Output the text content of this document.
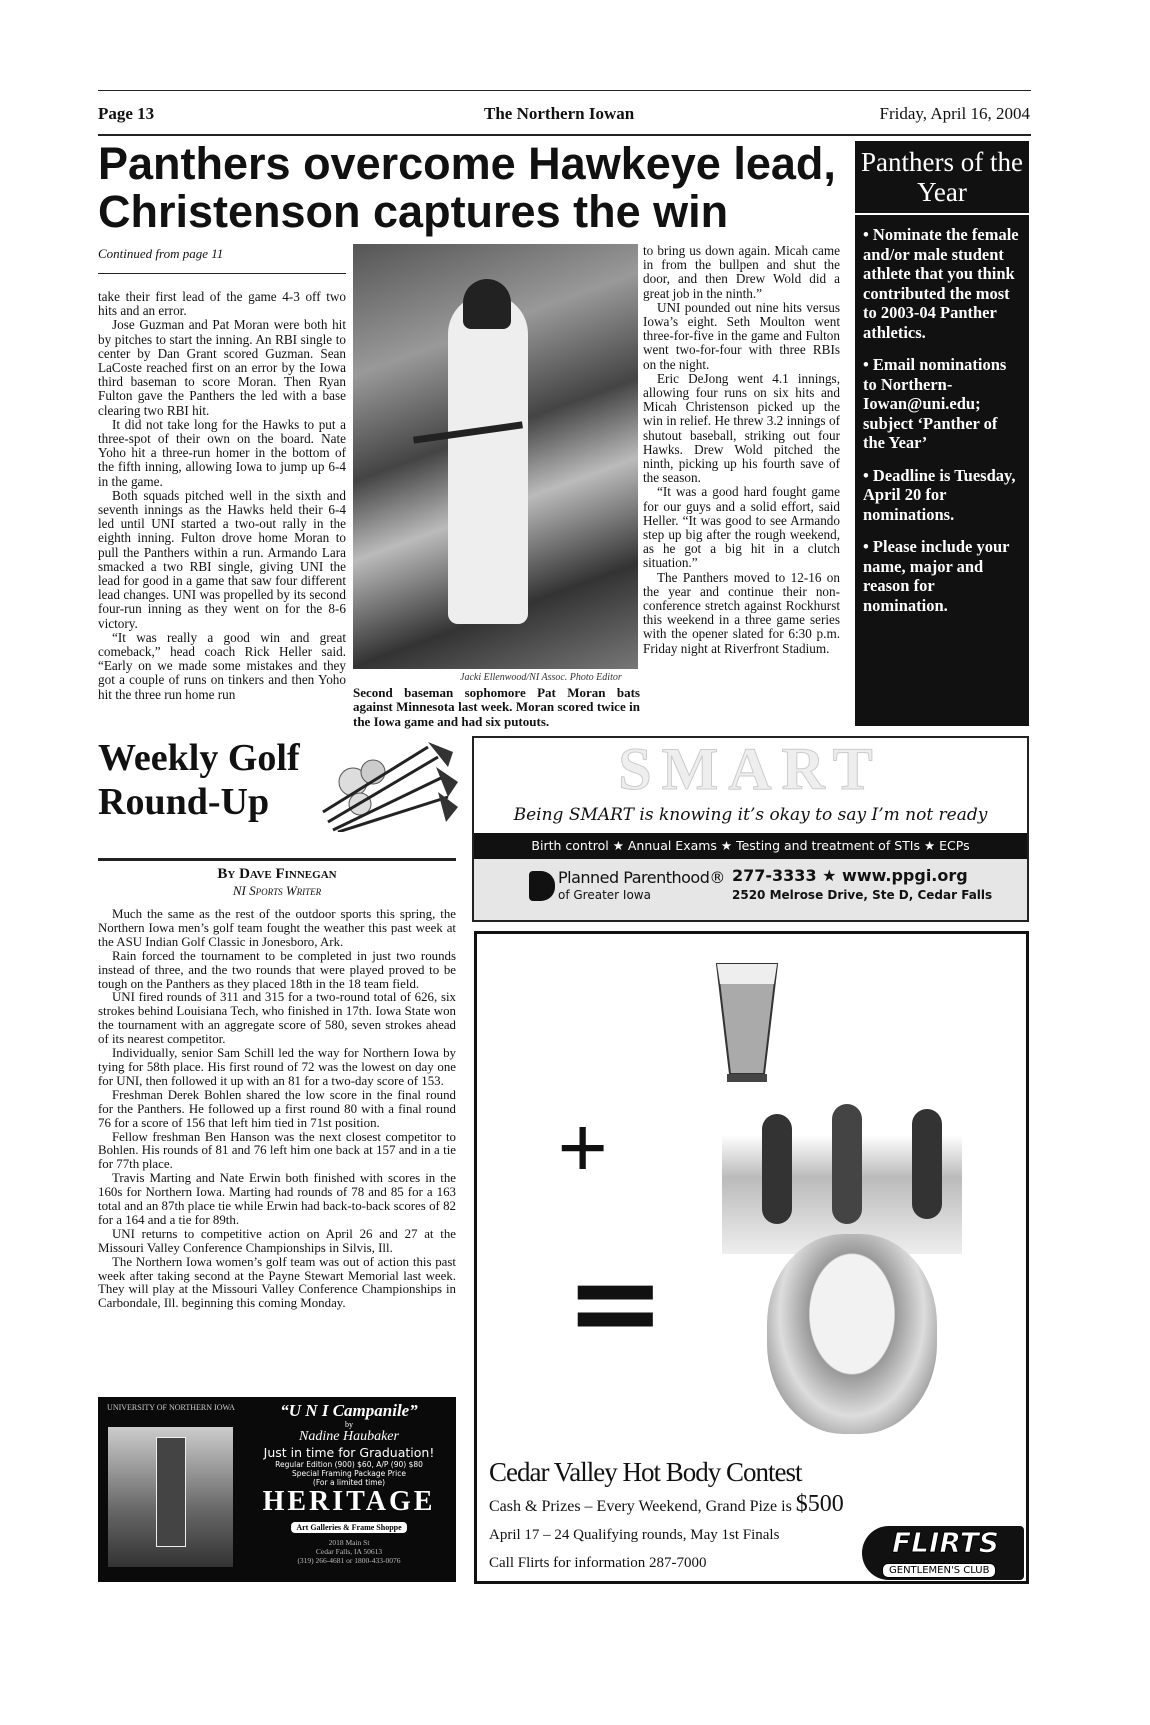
Page 13	The Northern Iowan	Friday, April 16, 2004
Panthers overcome Hawkeye lead,
Christenson captures the win
Continued from page 11

take their first lead of the game 4-3 off two hits and an error.

Jose Guzman and Pat Moran were both hit by pitches to start the inning. An RBI single to center by Dan Grant scored Guzman. Sean LaCoste reached first on an error by the Iowa third baseman to score Moran. Then Ryan Fulton gave the Panthers the led with a base clearing two RBI hit.

It did not take long for the Hawks to put a three-spot of their own on the board. Nate Yoho hit a three-run homer in the bottom of the fifth inning, allowing Iowa to jump up 6-4 in the game.

Both squads pitched well in the sixth and seventh innings as the Hawks held their 6-4 led until UNI started a two-out rally in the eighth inning. Fulton drove home Moran to pull the Panthers within a run. Armando Lara smacked a two RBI single, giving UNI the lead for good in a game that saw four different lead changes. UNI was propelled by its second four-run inning as they went on for the 8-6 victory.

“It was really a good win and great comeback,” head coach Rick Heller said. “Early on we made some mistakes and they got a couple of runs on tinkers and then Yoho hit the three run home run

Jacki Ellenwood/NI Assoc. Photo Editor
Second baseman sophomore Pat Moran bats against Minnesota last week. Moran scored twice in the Iowa game and had six putouts.

to bring us down again. Micah came in from the bullpen and shut the door, and then Drew Wold did a great job in the ninth.”

UNI pounded out nine hits versus Iowa’s eight. Seth Moulton went three-for-five in the game and Fulton went two-for-four with three RBIs on the night.

Eric DeJong went 4.1 innings, allowing four runs on six hits and Micah Christenson picked up the win in relief. He threw 3.2 innings of shutout baseball, striking out four Hawks. Drew Wold pitched the ninth, picking up his fourth save of the season.

“It was a good hard fought game for our guys and a solid effort, said Heller. “It was good to see Armando step up big after the rough weekend, as he got a big hit in a clutch situation.”

The Panthers moved to 12-16 on the year and continue their non-conference stretch against Rockhurst this weekend in a three game series with the opener slated for 6:30 p.m. Friday night at Riverfront Stadium.

Panthers of the Year

• Nominate the female and/or male student athlete that you think contributed the most to 2003-04 Panther athletics.

• Email nominations to Northern-Iowan@uni.edu; subject ‘Panther of the Year’

• Deadline is Tuesday, April 20 for nominations.

• Please include your name, major and reason for nomination.

Weekly Golf
Round-Up
By Dave Finnegan
NI Sports Writer

Much the same as the rest of the outdoor sports this spring, the Northern Iowa men’s golf team fought the weather this past week at the ASU Indian Golf Classic in Jonesboro, Ark.

Rain forced the tournament to be completed in just two rounds instead of three, and the two rounds that were played proved to be tough on the Panthers as they placed 18th in the 18 team field.

UNI fired rounds of 311 and 315 for a two-round total of 626, six strokes behind Louisiana Tech, who finished in 17th. Iowa State won the tournament with an aggregate score of 580, seven strokes ahead of its nearest competitor.

Individually, senior Sam Schill led the way for Northern Iowa by tying for 58th place. His first round of 72 was the lowest on day one for UNI, then followed it up with an 81 for a two-day score of 153.

Freshman Derek Bohlen shared the low score in the final round for the Panthers. He followed up a first round 80 with a final round 76 for a score of 156 that left him tied in 71st position.

Fellow freshman Ben Hanson was the next closest competitor to Bohlen. His rounds of 81 and 76 left him one back at 157 and in a tie for 77th place.

Travis Marting and Nate Erwin both finished with scores in the 160s for Northern Iowa. Marting had rounds of 78 and 85 for a 163 total and an 87th place tie while Erwin had back-to-back scores of 82 for a 164 and a tie for 89th.

UNI returns to competitive action on April 26 and 27 at the Missouri Valley Conference Championships in Silvis, Ill.

The Northern Iowa women’s golf team was out of action this past week after taking second at the Payne Stewart Memorial last week. They will play at the Missouri Valley Conference Championships in Carbondale, Ill. beginning this coming Monday.

UNIVERSITY OF NORTHERN IOWA	“U N I Campanile”
by
Nadine Haubaker
Just in time for Graduation!
Regular Edition (900) $60, A/P (90) $80
Special Framing Package Price
(For a limited time)
HERITAGE
Art Galleries & Frame Shoppe
2018 Main St
Cedar Falls, IA 50613
(319) 266-4681 or 1800-433-0076
SMART
Being SMART is knowing it’s okay to say I’m not ready
Birth control ★ Annual Exams ★ Testing and treatment of STIs ★ ECPs
Planned Parenthood®
of Greater Iowa
277-3333 ★ www.ppgi.org
2520 Melrose Drive, Ste D, Cedar Falls
+
=
Cedar Valley Hot Body Contest
Cash & Prizes – Every Weekend, Grand Pize is $500
April 17 – 24 Qualifying rounds, May 1st Finals
Call Flirts for information 287-7000
FLIRTS
GENTLEMEN'S CLUB
